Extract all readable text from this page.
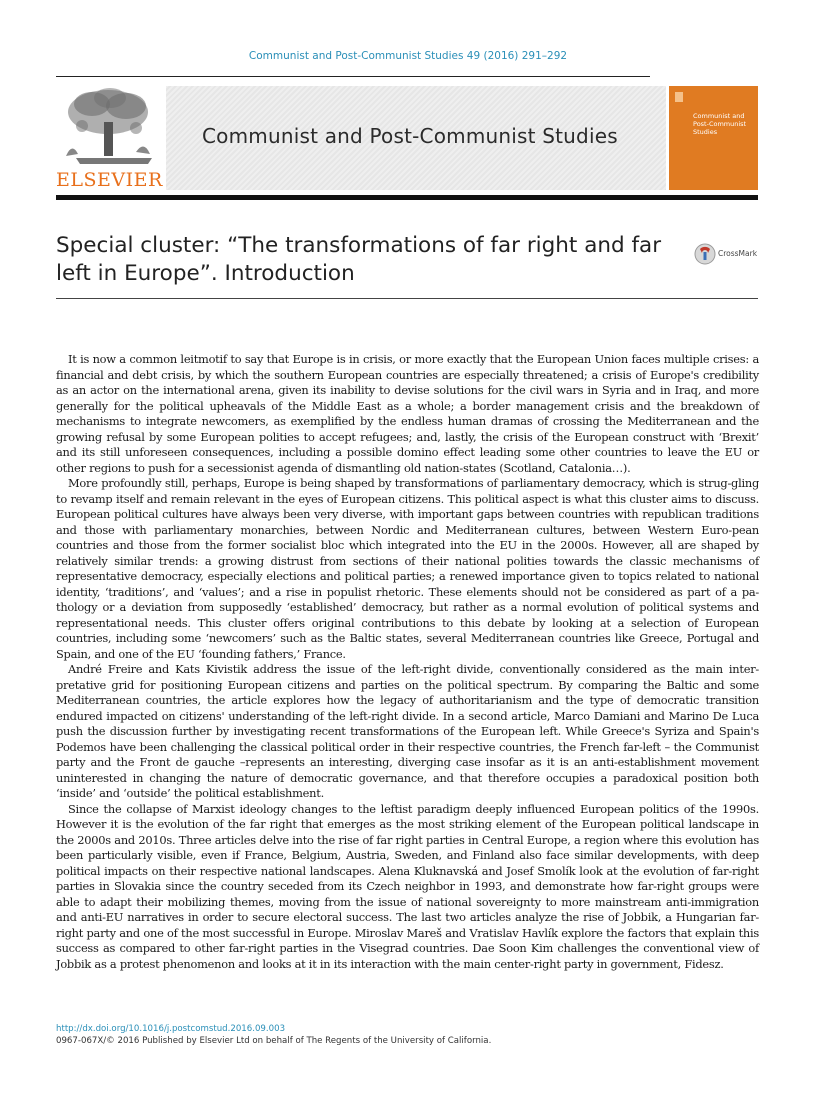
Communist and Post-Communist Studies 49 (2016) 291–292
ELSEVIER
Communist and Post-Communist Studies
Communist and Post-Communist Studies
Special cluster: “The transformations of far right and far left in Europe”. Introduction
CrossMark

It is now a common leitmotif to say that Europe is in crisis, or more exactly that the European Union faces multiple crises: a financial and debt crisis, by which the southern European countries are especially threatened; a crisis of Europe's credibility as an actor on the international arena, given its inability to devise solutions for the civil wars in Syria and in Iraq, and more generally for the political upheavals of the Middle East as a whole; a border management crisis and the breakdown of mechanisms to integrate newcomers, as exemplified by the endless human dramas of crossing the Mediterranean and the growing refusal by some European polities to accept refugees; and, lastly, the crisis of the European construct with ‘Brexit’ and its still unforeseen consequences, including a possible domino effect leading some other countries to leave the EU or other regions to push for a secessionist agenda of dismantling old nation-states (Scotland, Catalonia…).

More profoundly still, perhaps, Europe is being shaped by transformations of parliamentary democracy, which is strug-gling to revamp itself and remain relevant in the eyes of European citizens. This political aspect is what this cluster aims to discuss. European political cultures have always been very diverse, with important gaps between countries with republican traditions and those with parliamentary monarchies, between Nordic and Mediterranean cultures, between Western Euro-pean countries and those from the former socialist bloc which integrated into the EU in the 2000s. However, all are shaped by relatively similar trends: a growing distrust from sections of their national polities towards the classic mechanisms of representative democracy, especially elections and political parties; a renewed importance given to topics related to national identity, ‘traditions’, and ‘values’; and a rise in populist rhetoric. These elements should not be considered as part of a pa-thology or a deviation from supposedly ‘established’ democracy, but rather as a normal evolution of political systems and representational needs. This cluster offers original contributions to this debate by looking at a selection of European countries, including some ‘newcomers’ such as the Baltic states, several Mediterranean countries like Greece, Portugal and Spain, and one of the EU ‘founding fathers,’ France.

André Freire and Kats Kivistik address the issue of the left-right divide, conventionally considered as the main inter-pretative grid for positioning European citizens and parties on the political spectrum. By comparing the Baltic and some Mediterranean countries, the article explores how the legacy of authoritarianism and the type of democratic transition endured impacted on citizens' understanding of the left-right divide. In a second article, Marco Damiani and Marino De Luca push the discussion further by investigating recent transformations of the European left. While Greece's Syriza and Spain's Podemos have been challenging the classical political order in their respective countries, the French far-left – the Communist party and the Front de gauche –represents an interesting, diverging case insofar as it is an anti-establishment movement uninterested in changing the nature of democratic governance, and that therefore occupies a paradoxical position both ‘inside’ and ‘outside’ the political establishment.

Since the collapse of Marxist ideology changes to the leftist paradigm deeply influenced European politics of the 1990s. However it is the evolution of the far right that emerges as the most striking element of the European political landscape in the 2000s and 2010s. Three articles delve into the rise of far right parties in Central Europe, a region where this evolution has been particularly visible, even if France, Belgium, Austria, Sweden, and Finland also face similar developments, with deep political impacts on their respective national landscapes. Alena Kluknavská and Josef Smolík look at the evolution of far-right parties in Slovakia since the country seceded from its Czech neighbor in 1993, and demonstrate how far-right groups were able to adapt their mobilizing themes, moving from the issue of national sovereignty to more mainstream anti-immigration and anti-EU narratives in order to secure electoral success. The last two articles analyze the rise of Jobbik, a Hungarian far-right party and one of the most successful in Europe. Miroslav Mareš and Vratislav Havlík explore the factors that explain this success as compared to other far-right parties in the Visegrad countries. Dae Soon Kim challenges the conventional view of Jobbik as a protest phenomenon and looks at it in its interaction with the main center-right party in government, Fidesz.

http://dx.doi.org/10.1016/j.postcomstud.2016.09.003
0967-067X/© 2016 Published by Elsevier Ltd on behalf of The Regents of the University of California.
